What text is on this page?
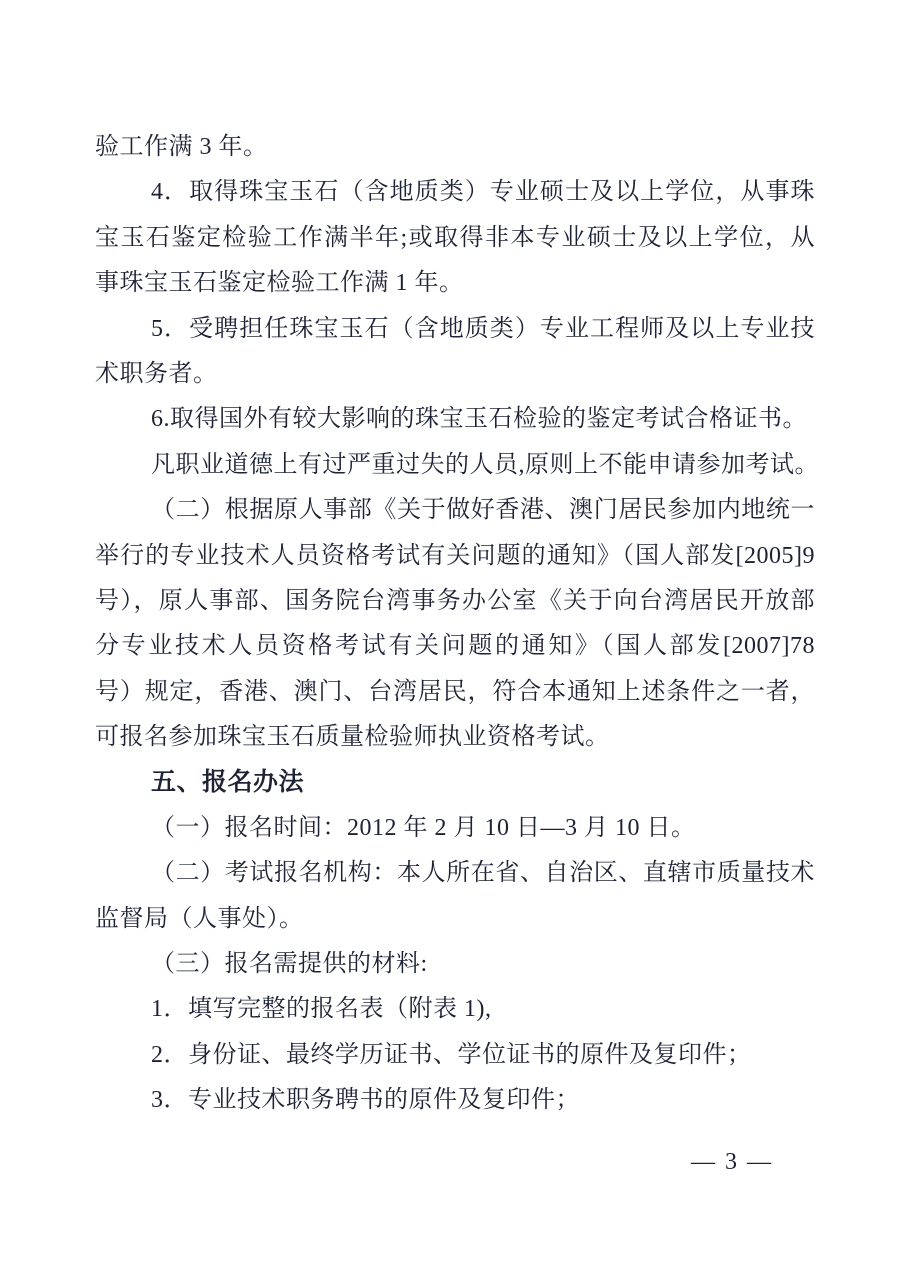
验工作满 3 年。
4．取得珠宝玉石（含地质类）专业硕士及以上学位，从事珠
宝玉石鉴定检验工作满半年;或取得非本专业硕士及以上学位，从
事珠宝玉石鉴定检验工作满 1 年。
5．受聘担任珠宝玉石（含地质类）专业工程师及以上专业技
术职务者。
6.取得国外有较大影响的珠宝玉石检验的鉴定考试合格证书。
凡职业道德上有过严重过失的人员,原则上不能申请参加考试。
（二）根据原人事部《关于做好香港、澳门居民参加内地统一
举行的专业技术人员资格考试有关问题的通知》（国人部发[2005]9
号），原人事部、国务院台湾事务办公室《关于向台湾居民开放部
分专业技术人员资格考试有关问题的通知》（国人部发[2007]78
号）规定，香港、澳门、台湾居民，符合本通知上述条件之一者，
可报名参加珠宝玉石质量检验师执业资格考试。
五、报名办法
（一）报名时间：2012 年 2 月 10 日—3 月 10 日。
（二）考试报名机构：本人所在省、自治区、直辖市质量技术
监督局（人事处）。
（三）报名需提供的材料:
1．填写完整的报名表（附表 1),
2．身份证、最终学历证书、学位证书的原件及复印件；
3．专业技术职务聘书的原件及复印件；
— 3 —
